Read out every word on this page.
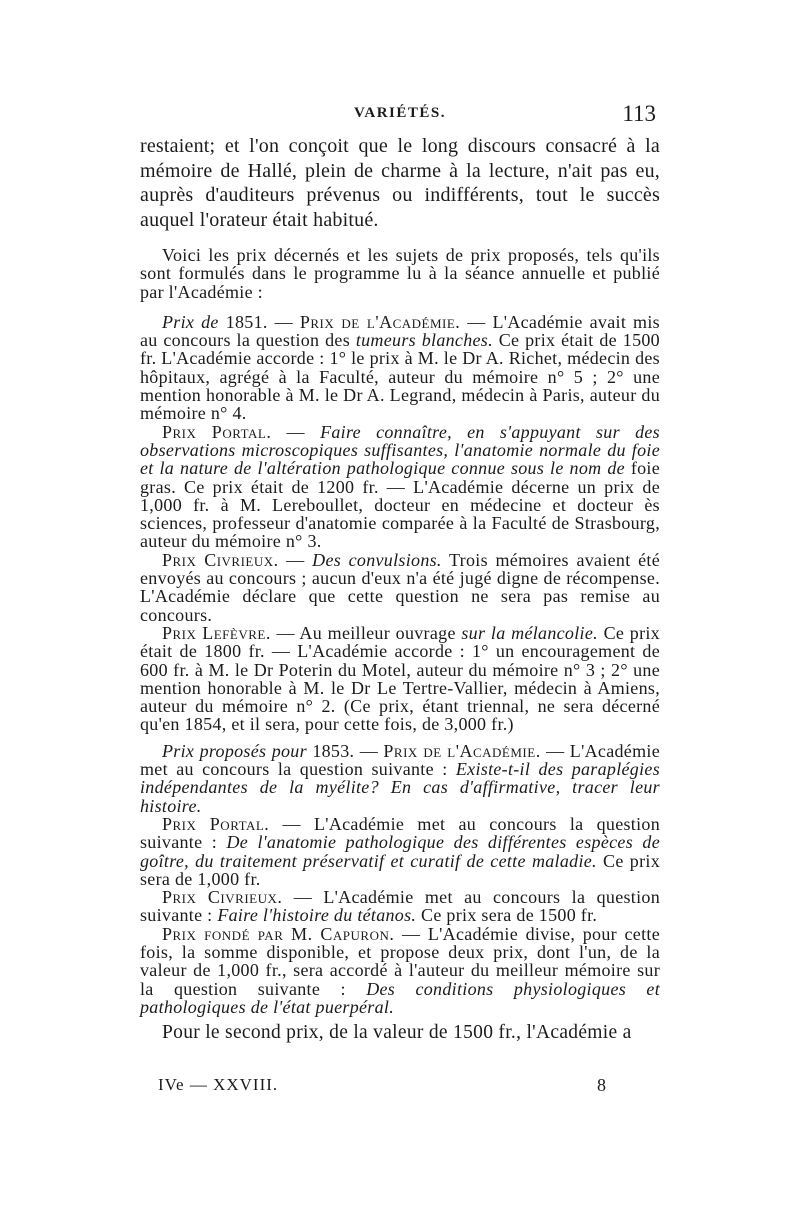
VARIÉTÉS.	113

restaient; et l'on conçoit que le long discours consacré à la mémoire de Hallé, plein de charme à la lecture, n'ait pas eu, auprès d'auditeurs prévenus ou indifférents, tout le succès auquel l'orateur était habitué.

Voici les prix décernés et les sujets de prix proposés, tels qu'ils sont formulés dans le programme lu à la séance annuelle et publié par l'Académie :

Prix de 1851. — Prix de l'Académie. — L'Académie avait mis au concours la question des tumeurs blanches. Ce prix était de 1500 fr. L'Académie accorde : 1° le prix à M. le Dr A. Richet, médecin des hôpitaux, agrégé à la Faculté, auteur du mémoire n° 5 ; 2° une mention honorable à M. le Dr A. Legrand, médecin à Paris, auteur du mémoire n° 4.

Prix Portal. — Faire connaître, en s'appuyant sur des observations microscopiques suffisantes, l'anatomie normale du foie et la nature de l'altération pathologique connue sous le nom de foie gras. Ce prix était de 1200 fr. — L'Académie décerne un prix de 1,000 fr. à M. Lereboullet, docteur en médecine et docteur ès sciences, professeur d'anatomie comparée à la Faculté de Strasbourg, auteur du mémoire n° 3.

Prix Civrieux. — Des convulsions. Trois mémoires avaient été envoyés au concours ; aucun d'eux n'a été jugé digne de récompense. L'Académie déclare que cette question ne sera pas remise au concours.

Prix Lefèvre. — Au meilleur ouvrage sur la mélancolie. Ce prix était de 1800 fr. — L'Académie accorde : 1° un encouragement de 600 fr. à M. le Dr Poterin du Motel, auteur du mémoire n° 3 ; 2° une mention honorable à M. le Dr Le Tertre-Vallier, médecin à Amiens, auteur du mémoire n° 2. (Ce prix, étant triennal, ne sera décerné qu'en 1854, et il sera, pour cette fois, de 3,000 fr.)

Prix proposés pour 1853. — Prix de l'Académie. — L'Académie met au concours la question suivante : Existe-t-il des paraplégies indépendantes de la myélite? En cas d'affirmative, tracer leur histoire.

Prix Portal. — L'Académie met au concours la question suivante : De l'anatomie pathologique des différentes espèces de goître, du traitement préservatif et curatif de cette maladie. Ce prix sera de 1,000 fr.

Prix Civrieux. — L'Académie met au concours la question suivante : Faire l'histoire du tétanos. Ce prix sera de 1500 fr.

Prix fondé par M. Capuron. — L'Académie divise, pour cette fois, la somme disponible, et propose deux prix, dont l'un, de la valeur de 1,000 fr., sera accordé à l'auteur du meilleur mémoire sur la question suivante : Des conditions physiologiques et pathologiques de l'état puerpéral.

Pour le second prix, de la valeur de 1500 fr., l'Académie a

IVe — XXVIII.	8
